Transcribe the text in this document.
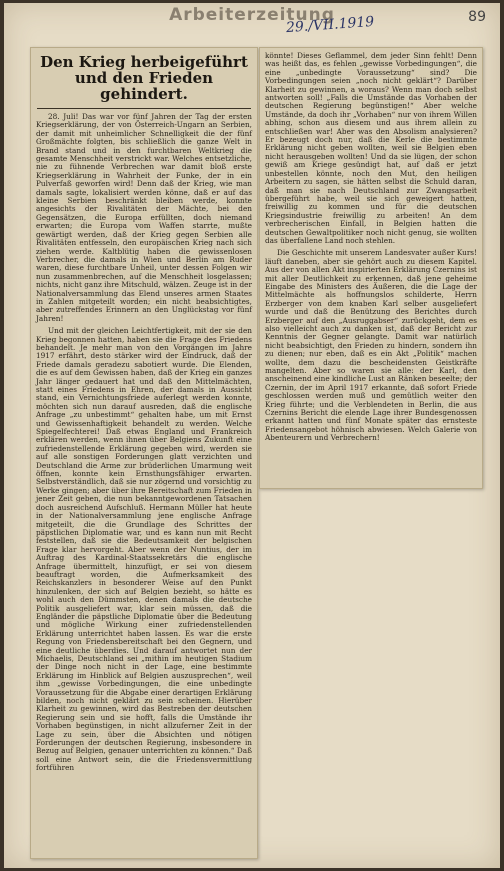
Arbeiterzeitung
29./VII.1919	89
Den Krieg herbeigeführt und den Frieden gehindert.

28. Juli! Das war vor fünf Jahren der Tag der ersten Kriegserklärung, der von Österreich-Ungarn an Serbien, der damit mit unheimlicher Schnelligkeit die der fünf Großmächte folgten, bis schließlich die ganze Welt in Brand stand und in den furchtbaren Weltkrieg die gesamte Menschheit verstrickt war. Welches entsetzliche, nie zu fühnende Verbrechen war damit bloß erste Kriegserklärung in Wahrheit der Funke, der in ein Pulverfaß geworfen wird! Denn daß der Krieg, wie man damals sagte, lokalisiert werden könne, daß er auf das kleine Serbien beschränkt bleiben werde, konnte angesichts der Rivalitäten der Mächte, bei den Gegensätzen, die Europa erfüllten, doch niemand erwarten; die Europa vom Waffen starrte, mußte gewärtigt werden, daß der Krieg gegen Serbien alle Rivalitäten entfesseln, den europäischen Krieg nach sich ziehen werde. Kaltblütig haben die gewissenlosen Verbrecher, die damals in Wien und Berlin am Ruder waren, diese furchtbare Unheil, unter dessen Folgen wir nun zusammenbrechen, auf die Menschheit losgelassen; nichts, nicht ganz ihre Mitschuld, wälzen. Zeuge ist in der Nationalversammlung das Elend unseres armen Staates in Zahlen mitgeteilt worden; ein nicht beabsichtigtes, aber zutreffendes Erinnern an den Unglückstag vor fünf Jahren!

Und mit der gleichen Leichtfertigkeit, mit der sie den Krieg begonnen hatten, haben sie die Frage des Friedens behandelt. Je mehr man von den Vorgängen im Jahre 1917 erfährt, desto stärker wird der Eindruck, daß der Friede damals geradezu sabotiert wurde. Die Elenden, die es auf dem Gewissen haben, daß der Krieg ein ganzes Jahr länger gedauert hat und daß den Mittelmächten, statt eines Friedens in Ehren, der damals in Aussicht stand, ein Vernichtungsfriede auferlegt werden konnte, möchten sich nun darauf ausreden, daß die englische Anfrage „zu unbestimmt“ gehalten habe, um mit Ernst und Gewissenhaftigkeit behandelt zu werden. Welche Spiegelfechterei! Daß etwas England und Frankreich erklären werden, wenn ihnen über Belgiens Zukunft eine zufriedenstellende Erklärung gegeben wird, werden sie auf alle sonstigen Forderungen glatt verzichten und Deutschland die Arme zur brüderlichen Umarmung weit öffnen, konnte kein Ernsthungsfähiger erwarten. Selbstverständlich, daß sie nur zögernd und vorsichtig zu Werke gingen; aber über ihre Bereitschaft zum Frieden in jener Zeit geben, die nun bekanntgewordenen Tatsachen doch ausreichend Aufschluß. Hermann Müller hat heute in der Nationalversammlung jene englische Anfrage mitgeteilt, die die Grundlage des Schrittes der päpstlichen Diplomatie war, und es kann nun mit Recht feststellen, daß sie die Bedeutsamkeit der belgischen Frage klar hervorgeht. Aber wenn der Nuntius, der im Auftrag des Kardinal-Staatssekretärs die englische Anfrage übermittelt, hinzufügt, er sei von diesem beauftragt worden, die Aufmerksamkeit des Reichskanzlers in besonderer Weise auf den Punkt hinzulenken, der sich auf Belgien bezieht, so hätte es wohl auch den Dümmsten, denen damals die deutsche Politik ausgeliefert war, klar sein müssen, daß die Engländer die päpstliche Diplomatie über die Bedeutung und mögliche Wirkung einer zufriedenstellenden Erklärung unterrichtet haben lassen. Es war die erste Regung von Friedensbereitschaft bei den Gegnern, und eine deutliche überdies. Und darauf antwortet nun der Michaelis, Deutschland sei „mithin im heutigen Stadium der Dinge noch nicht in der Lage, eine bestimmte Erklärung im Hinblick auf Belgien auszusprechen“, weil ihm „gewisse Vorbedingungen, die eine unbedingte Voraussetzung für die Abgabe einer derartigen Erklärung bilden, noch nicht geklärt zu sein scheinen. Hierüber Klarheit zu gewinnen, wird das Bestreben der deutschen Regierung sein und sie hofft, falls die Umstände ihr Vorhaben begünstigen, in nicht allzuferner Zeit in der Lage zu sein, über die Absichten und nötigen Forderungen der deutschen Regierung, insbesondere in Bezug auf Belgien, genauer unterrichten zu können.“ Daß soll eine Antwort sein, die die Friedensvermittlung fortführen

könnte! Dieses Geflammel, dem jeder Sinn fehlt! Denn was heißt das, es fehlen „gewisse Vorbedingungen“, die eine „unbedingte Voraussetzung“ sind? Die Vorbedingungen seien „noch nicht geklärt“? Darüber Klarheit zu gewinnen, a woraus? Wenn man doch selbst antworten soll! „Falls die Umstände das Vorhaben der deutschen Regierung begünstigen!“ Aber welche Umstände, da doch ihr „Vorhaben“ nur von ihrem Willen abhing, schon aus diesem und aus ihrem allein zu entschließen war! Aber was den Absolism analysieren? Er bezeugt doch nur, daß die Kerle die bestimmte Erklärung nicht geben wollten, weil sie Belgien eben nicht herausgeben wollten! Und da sie lügen, der schon gewiß am Kriege gesündigt hat, auf daß er jetzt unbestellen könnte, noch den Mut, den heiligen Arbeitern zu sagen, sie hätten selbst die Schuld daran, daß man sie nach Deutschland zur Zwangsarbeit übergeführt habe, weil sie sich geweigert hatten, freiwillig zu kommen und für die deutschen Kriegsindustrie freiwillig zu arbeiten! An dem verbrecherischen Einfall, in Belgien hatten die deutschen Gewaltpolitiker noch nicht genug, sie wollten das überfallene Land noch stehlen.

Die Geschichte mit unserem Landesvater außer Kurs! läuft daneben, aber sie gehört auch zu diesem Kapitel. Aus der von allen Akt inspirierten Erklärung Czernins ist mit aller Deutlichkeit zu erkennen, daß jene geheime Eingabe des Ministers des Äußeren, die die Lage der Mittelmächte als hoffnungslos schilderte, Herrn Erzberger von dem knaben Karl selber ausgeliefert wurde und daß die Benützung des Berichtes durch Erzberger auf den „Ausruggabser“ zurückgeht, dem es also vielleicht auch zu danken ist, daß der Bericht zur Kenntnis der Gegner gelangte. Damit war natürlich nicht beabsichtigt, den Frieden zu hindern, sondern ihn zu dienen; nur eben, daß es ein Akt „Politik“ machen wollte, dem dazu die bescheidensten Geistkräfte mangelten. Aber so waren sie alle: der Karl, den anscheinend eine kindliche Lust an Ränken beseelte; der Czernin, der im April 1917 erkannte, daß sofort Friede geschlossen werden muß und gemütlich weiter den Krieg führte; und die Verblendeten in Berlin, die aus Czernins Bericht die elende Lage ihrer Bundesgenossen erkannt hatten und fünf Monate später das ernsteste Friedensangebot höhnisch abwiesen. Welch Galerie von Abenteurern und Verbrechern!
